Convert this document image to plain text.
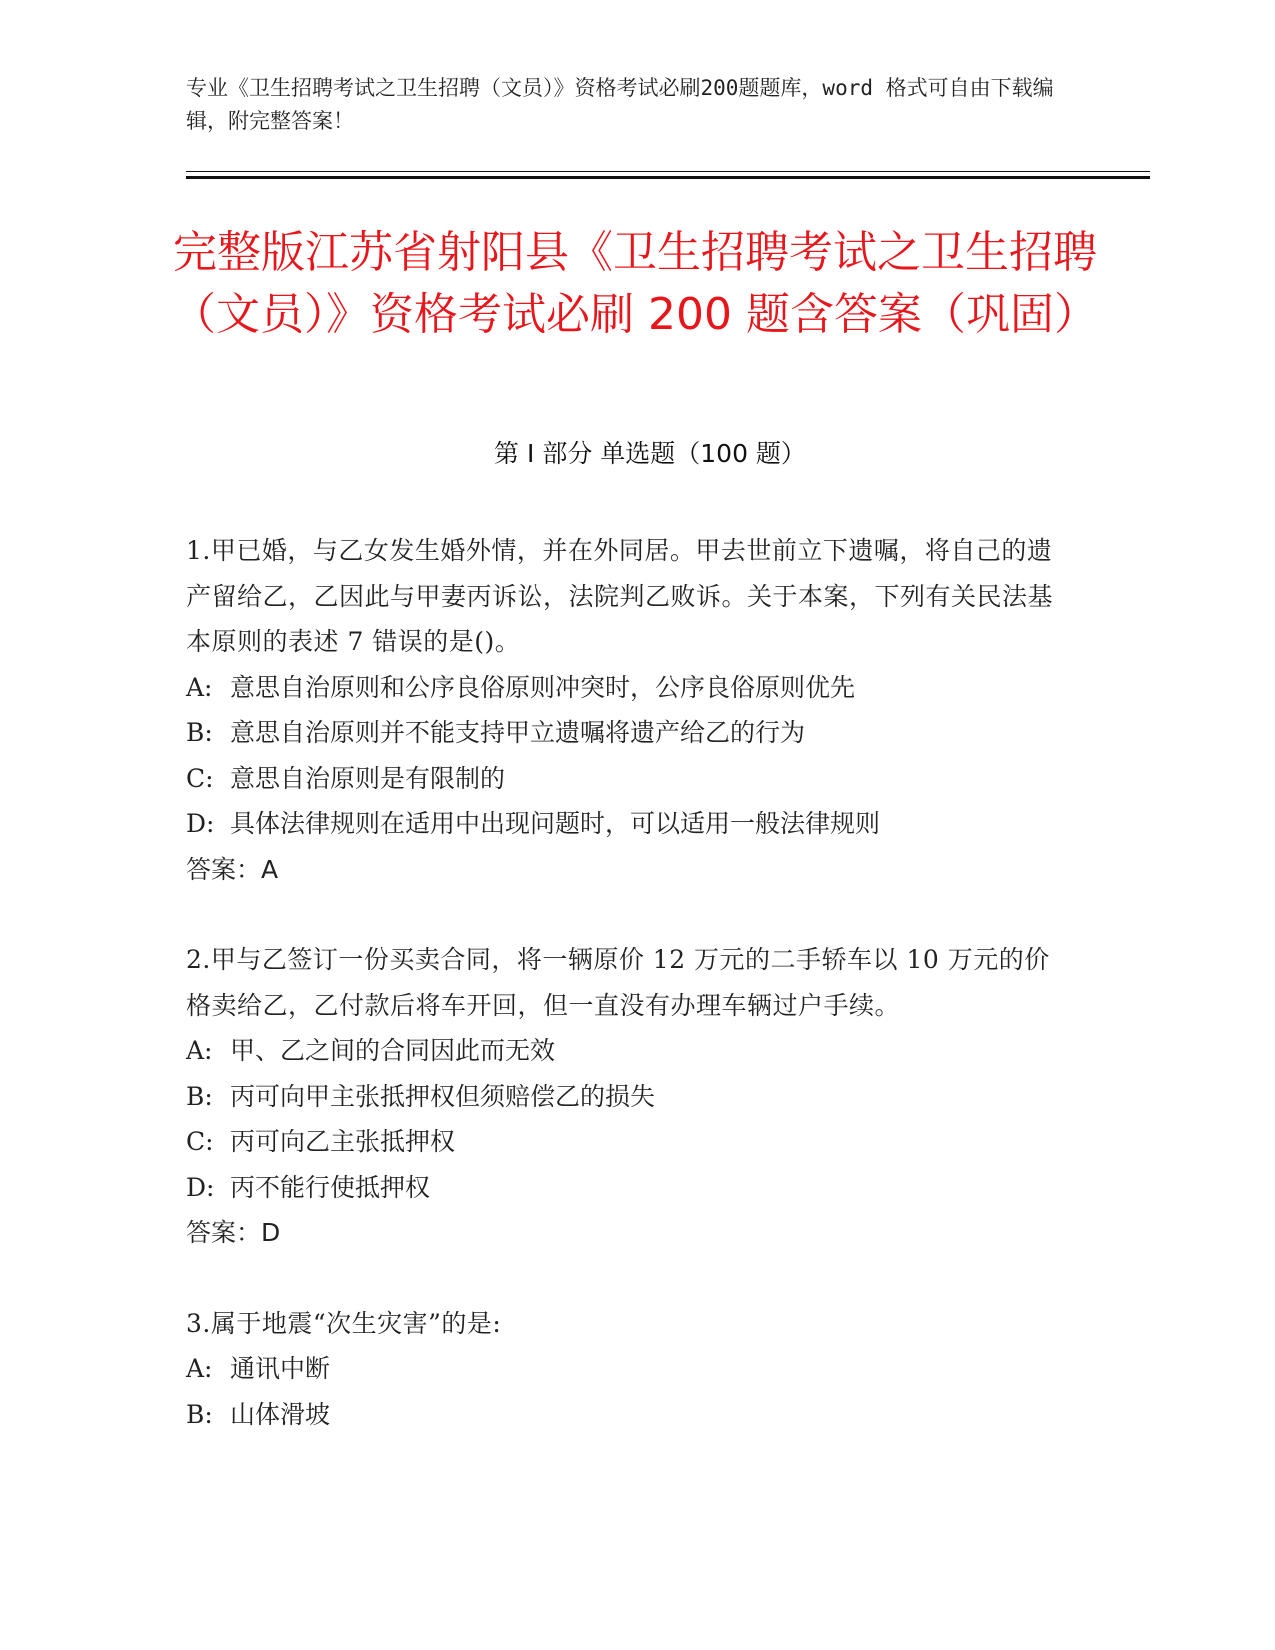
专业《卫生招聘考试之卫生招聘（文员）》资格考试必刷200题题库，word 格式可自由下载编辑，附完整答案！
完整版江苏省射阳县《卫生招聘考试之卫生招聘（文员）》资格考试必刷 200 题含答案（巩固）
第 I 部分 单选题（100 题）

1.甲已婚，与乙女发生婚外情，并在外同居。甲去世前立下遗嘱，将自己的遗产留给乙，乙因此与甲妻丙诉讼，法院判乙败诉。关于本案，下列有关民法基本原则的表述 7 错误的是()。

A: 意思自治原则和公序良俗原则冲突时，公序良俗原则优先

B: 意思自治原则并不能支持甲立遗嘱将遗产给乙的行为

C: 意思自治原则是有限制的

D: 具体法律规则在适用中出现问题时，可以适用一般法律规则

答案：A

2.甲与乙签订一份买卖合同，将一辆原价 12 万元的二手轿车以 10 万元的价格卖给乙，乙付款后将车开回，但一直没有办理车辆过户手续。

A: 甲、乙之间的合同因此而无效

B: 丙可向甲主张抵押权但须赔偿乙的损失

C: 丙可向乙主张抵押权

D: 丙不能行使抵押权

答案：D

3.属于地震“次生灾害”的是:

A: 通讯中断

B: 山体滑坡
